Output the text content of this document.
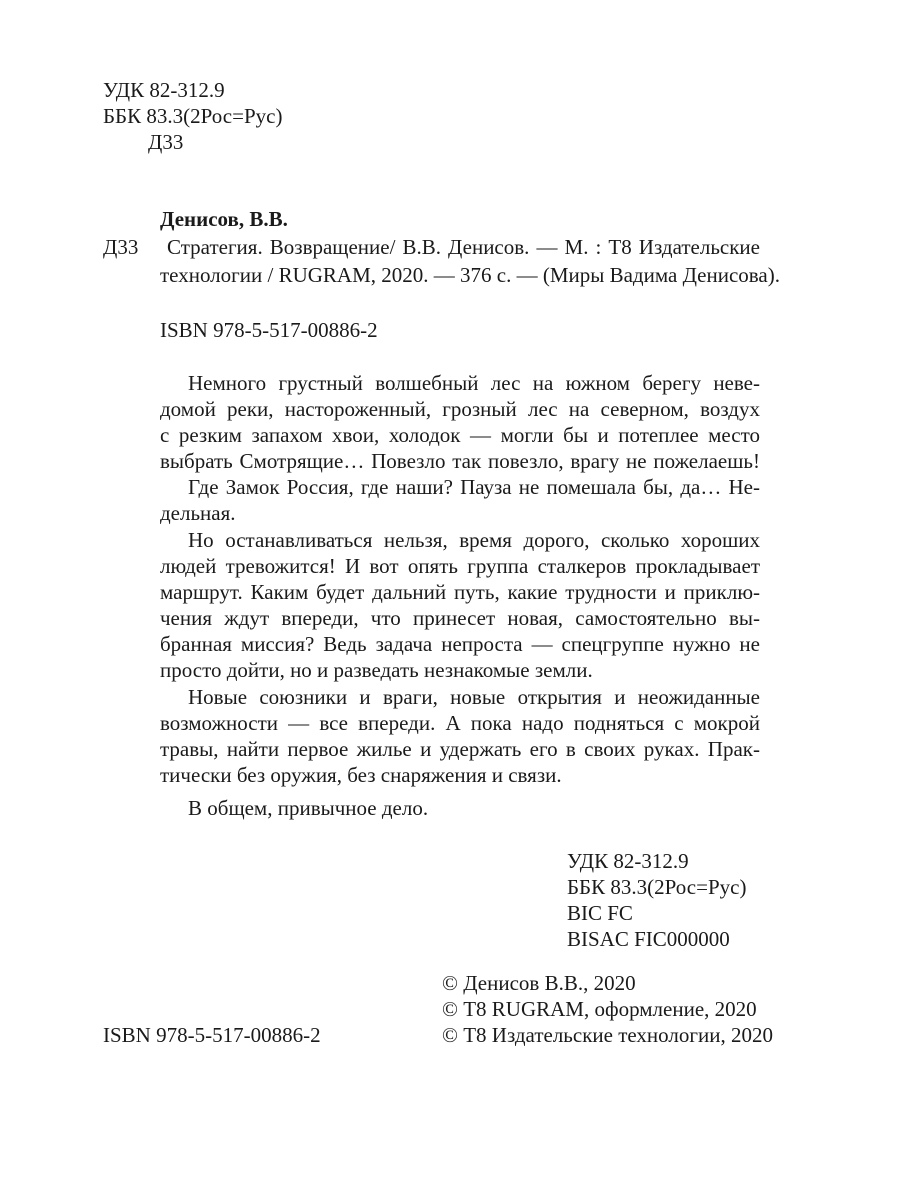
УДК 82-312.9
ББК 83.3(2Рос=Рус)
Д33
Денисов, В.В.
Д33 Стратегия. Возвращение/ В.В. Денисов. — М. : Т8 Издательские
технологии / RUGRAM, 2020. — 376 с. — (Миры Вадима Денисова).
ISBN 978-5-517-00886-2
Немного грустный волшебный лес на южном берегу неве-
домой реки, настороженный, грозный лес на северном, воздух
с резким запахом хвои, холодок — могли бы и потеплее место
выбрать Смотрящие… Повезло так повезло, врагу не пожелаешь!
Где Замок Россия, где наши? Пауза не помешала бы, да… Не-
дельная.
Но останавливаться нельзя, время дорого, сколько хороших
людей тревожится! И вот опять группа сталкеров прокладывает
маршрут. Каким будет дальний путь, какие трудности и приклю-
чения ждут впереди, что принесет новая, самостоятельно вы-
бранная миссия? Ведь задача непроста — спецгруппе нужно не
просто дойти, но и разведать незнакомые земли.
Новые союзники и враги, новые открытия и неожиданные
возможности — все впереди. А пока надо подняться с мокрой
травы, найти первое жилье и удержать его в своих руках. Прак-
тически без оружия, без снаряжения и связи.
В общем, привычное дело.
УДК 82-312.9
ББК 83.3(2Рос=Рус)
BIC FC
BISAC FIC000000
ISBN 978-5-517-00886-2
© Денисов В.В., 2020
© Т8 RUGRAM, оформление, 2020
© Т8 Издательские технологии, 2020
